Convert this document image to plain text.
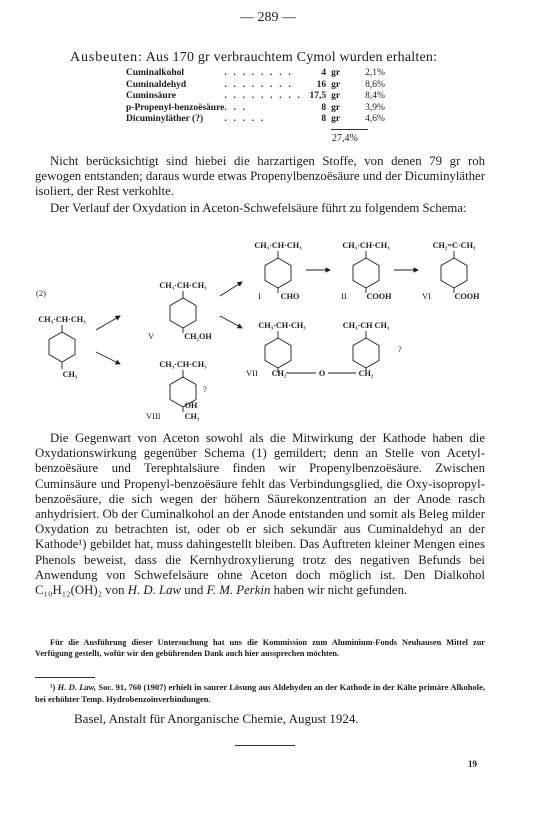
— 289 —
Ausbeuten: Aus 170 gr verbrauchtem Cymol wurden erhalten:
Cuminalkohol	. . . . . . . .	4	gr	2,1%
Cuminaldehyd	. . . . . . . .	16	gr	8,6%
Cuminsäure	. . . . . . . . .	17,5	gr	8,4%
p-Propenyl-benzoësäure	. . .	8	gr	3,9%
Dicuminyläther (?)	. . . . .	8	gr	4,6%
27,4%

Nicht berücksichtigt sind hiebei die harzartigen Stoffe, von denen 79 gr roh gewogen entstanden; daraus wurde etwas Propenylbenzoësäure und der Dicuminyläther isoliert, der Rest verkohlte.

Der Verlauf der Oxydation in Aceton-Schwefelsäure führt zu folgendem Schema:

(2)
CH₃·CH·CH₃
CH₃
CH₃·CH·CH₃
CHO
I
CH₃·CH·CH₃
COOH
II
CH₂=C·CH₃
COOH
VI
CH₃·CH·CH₃
CH₂OH
V
CH₃·CH·CH₃	CH₃·CH CH₃
CH₂	O	CH₂
VII
?
CH₃·CH·CH₃
OH
CH₃
VIII
?

Die Gegenwart von Aceton sowohl als die Mitwirkung der Kathode haben die Oxydationswirkung gegenüber Schema (1) gemildert; denn an Stelle von Acetyl-benzoësäure und Terephtalsäure finden wir Propenylbenzoësäure. Zwischen Cuminsäure und Propenyl-benzoësäure fehlt das Verbindungsglied, die Oxy-isopropyl-benzoësäure, die sich wegen der höhern Säurekonzentration an der Anode rasch anhydrisiert. Ob der Cuminalkohol an der Anode entstanden und somit als Beleg milder Oxydation zu betrachten ist, oder ob er sich sekundär aus Cuminaldehyd an der Kathode¹) gebildet hat, muss dahingestellt bleiben. Das Auftreten kleiner Mengen eines Phenols beweist, dass die Kernhydroxylierung trotz des negativen Befunds bei Anwendung von Schwefelsäure ohne Aceton doch möglich ist. Den Dialkohol C₁₀H₁₂(OH)₂ von H. D. Law und F. M. Perkin haben wir nicht gefunden.

Für die Ausführung dieser Untersuchung hat uns die Kommission zum Aluminium-Fonds Neuhausen Mittel zur Verfügung gestellt, wofür wir den gebührenden Dank auch hier aussprechen möchten.

¹) H. D. Law, Soc. 91, 760 (1907) erhielt in saurer Lösung aus Aldehyden an der Kathode in der Kälte primäre Alkohole, bei erhöhter Temp. Hydrobenzoinverbindungen.

Basel, Anstalt für Anorganische Chemie, August 1924.
19
